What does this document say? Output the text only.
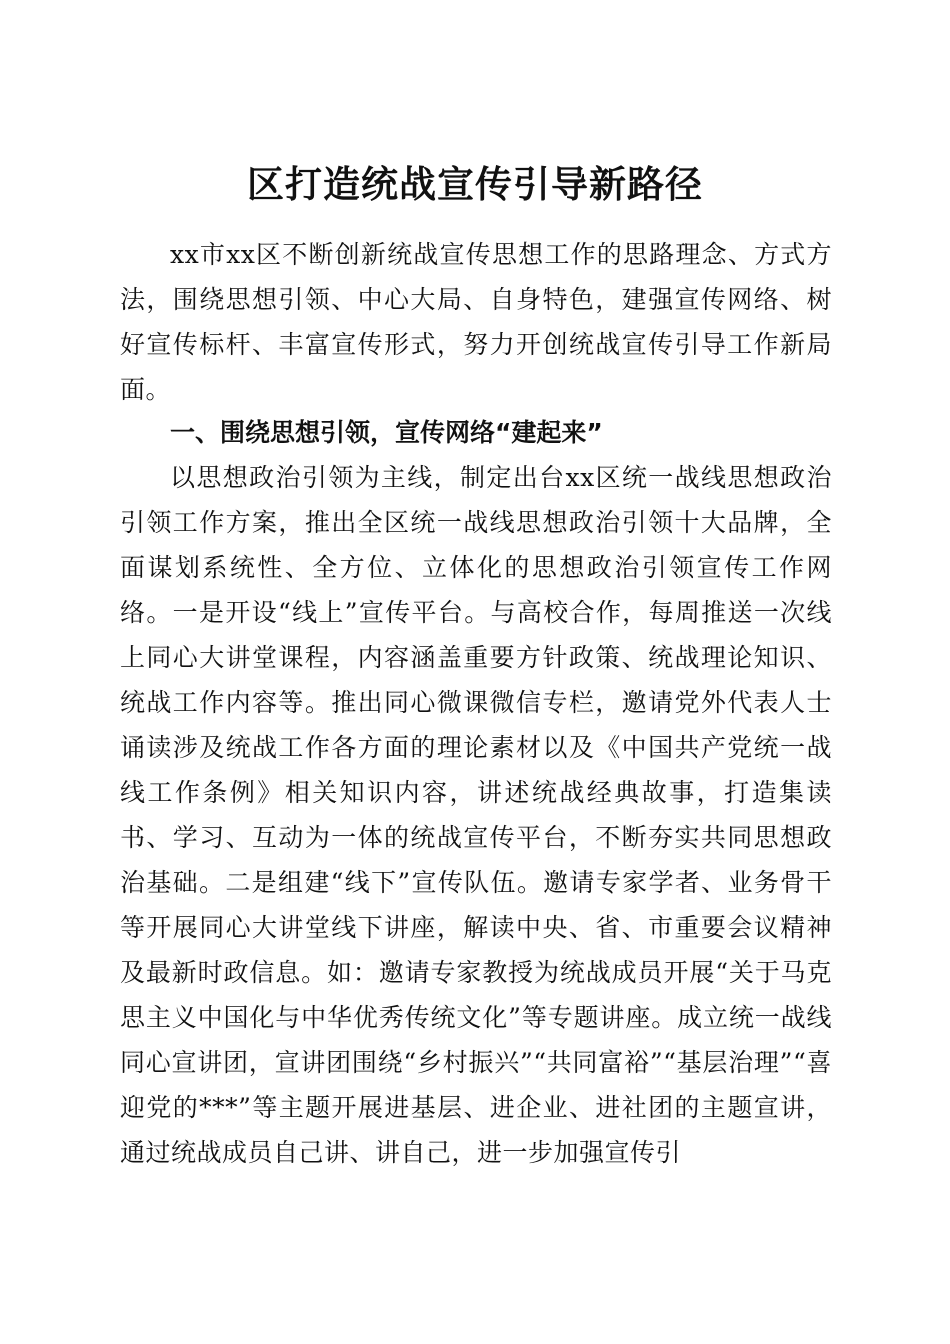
区打造统战宣传引导新路径

xx市xx区不断创新统战宣传思想工作的思路理念、方式方法，围绕思想引领、中心大局、自身特色，建强宣传网络、树好宣传标杆、丰富宣传形式，努力开创统战宣传引导工作新局面。

一、围绕思想引领，宣传网络“建起来”

以思想政治引领为主线，制定出台xx区统一战线思想政治引领工作方案，推出全区统一战线思想政治引领十大品牌，全面谋划系统性、全方位、立体化的思想政治引领宣传工作网络。一是开设“线上”宣传平台。与高校合作，每周推送一次线上同心大讲堂课程，内容涵盖重要方针政策、统战理论知识、统战工作内容等。推出同心微课微信专栏，邀请党外代表人士诵读涉及统战工作各方面的理论素材以及《中国共产党统一战线工作条例》相关知识内容，讲述统战经典故事，打造集读书、学习、互动为一体的统战宣传平台，不断夯实共同思想政治基础。二是组建“线下”宣传队伍。邀请专家学者、业务骨干等开展同心大讲堂线下讲座，解读中央、省、市重要会议精神及最新时政信息。如：邀请专家教授为统战成员开展“关于马克思主义中国化与中华优秀传统文化”等专题讲座。成立统一战线同心宣讲团，宣讲团围绕“乡村振兴”“共同富裕”“基层治理”“喜迎党的***”等主题开展进基层、进企业、进社团的主题宣讲，通过统战成员自己讲、讲自己，进一步加强宣传引
